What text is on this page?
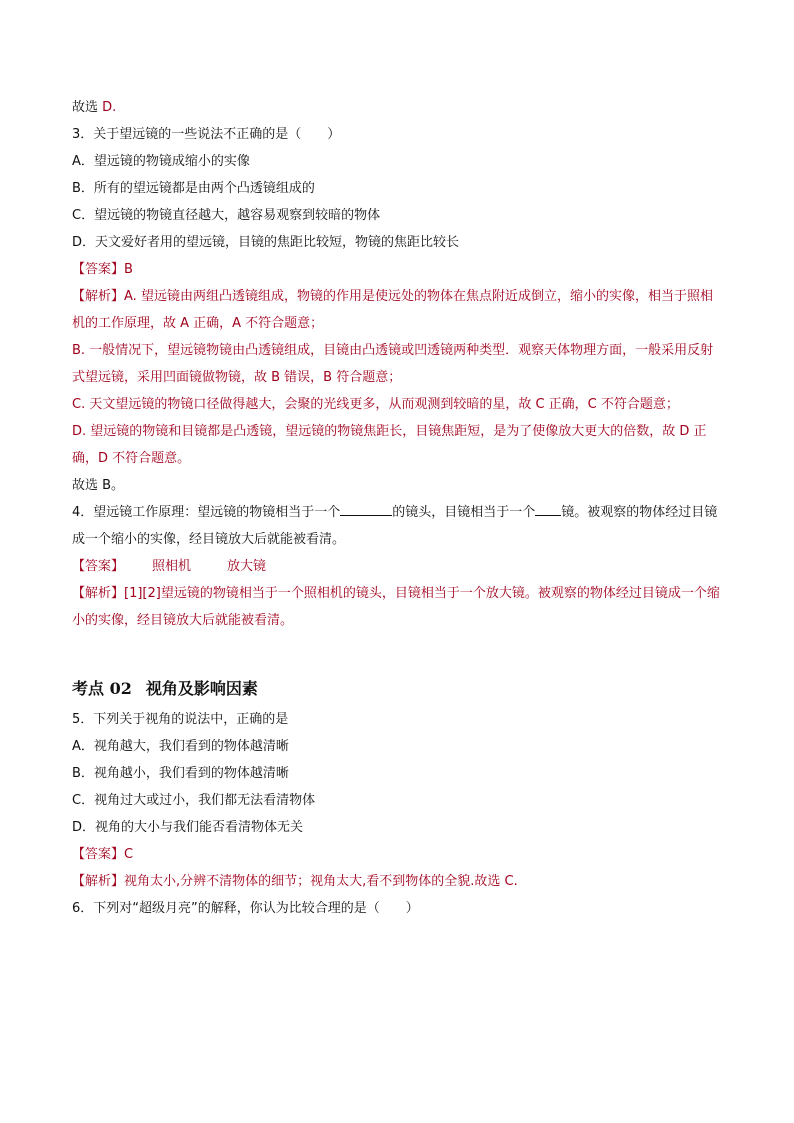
故选 D.
3．关于望远镜的一些说法不正确的是（　　）
A．望远镜的物镜成缩小的实像
B．所有的望远镜都是由两个凸透镜组成的
C．望远镜的物镜直径越大，越容易观察到较暗的物体
D．天文爱好者用的望远镜，目镜的焦距比较短，物镜的焦距比较长
【答案】B
【解析】A. 望远镜由两组凸透镜组成，物镜的作用是使远处的物体在焦点附近成倒立，缩小的实像，相当于照相机的工作原理，故 A 正确，A 不符合题意；
B. 一般情况下，望远镜物镜由凸透镜组成，目镜由凸透镜或凹透镜两种类型．观察天体物理方面，一般采用反射式望远镜，采用凹面镜做物镜，故 B 错误，B 符合题意；
C. 天文望远镜的物镜口径做得越大，会聚的光线更多，从而观测到较暗的星，故 C 正确，C 不符合题意；
D. 望远镜的物镜和目镜都是凸透镜，望远镜的物镜焦距长，目镜焦距短，是为了使像放大更大的倍数，故 D 正确，D 不符合题意。
故选 B。
4．望远镜工作原理：望远镜的物镜相当于一个	的镜头，目镜相当于一个 镜。被观察的物体经过目镜成一个缩小的实像，经目镜放大后就能被看清。
【答案】 照相机	放大镜
【解析】[1][2]望远镜的物镜相当于一个照相机的镜头，目镜相当于一个放大镜。被观察的物体经过目镜成一个缩小的实像，经目镜放大后就能被看清。
考点 02 视角及影响因素
5．下列关于视角的说法中，正确的是
A．视角越大，我们看到的物体越清晰
B．视角越小，我们看到的物体越清晰
C．视角过大或过小，我们都无法看清物体
D．视角的大小与我们能否看清物体无关
【答案】C
【解析】视角太小,分辨不清物体的细节；视角太大,看不到物体的全貌.故选 C.
6．下列对“超级月亮”的解释，你认为比较合理的是（　　）
